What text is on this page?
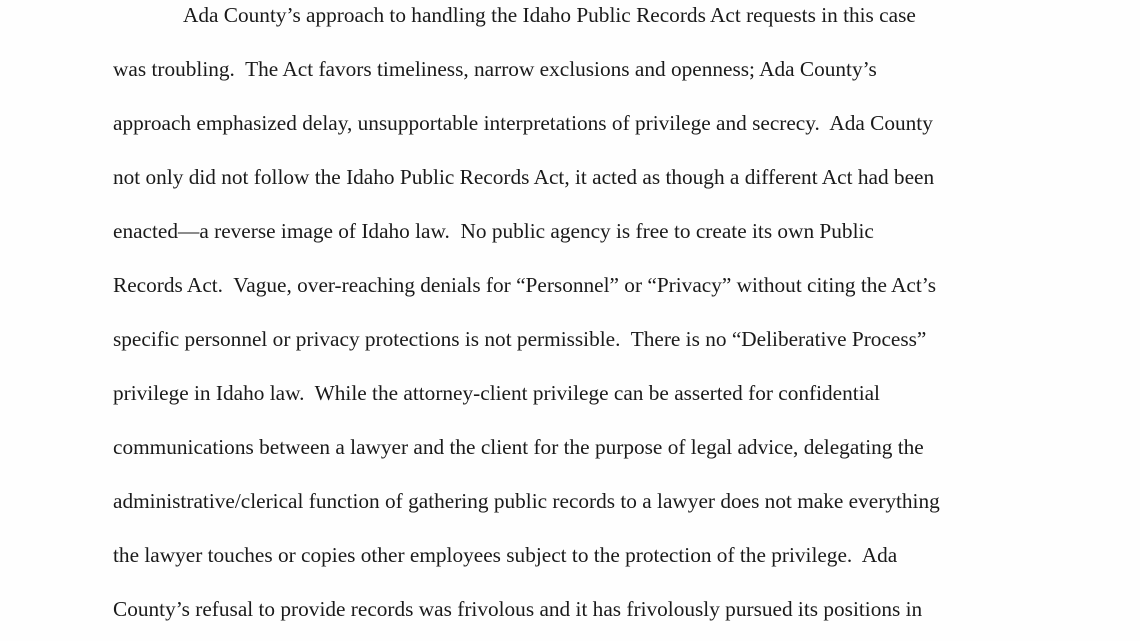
Ada County’s approach to handling the Idaho Public Records Act requests in this case
was troubling.  The Act favors timeliness, narrow exclusions and openness; Ada County’s
approach emphasized delay, unsupportable interpretations of privilege and secrecy.  Ada County
not only did not follow the Idaho Public Records Act, it acted as though a different Act had been
enacted—a reverse image of Idaho law.  No public agency is free to create its own Public
Records Act.  Vague, over-reaching denials for “Personnel” or “Privacy” without citing the Act’s
specific personnel or privacy protections is not permissible.  There is no “Deliberative Process”
privilege in Idaho law.  While the attorney-client privilege can be asserted for confidential
communications between a lawyer and the client for the purpose of legal advice, delegating the
administrative/clerical function of gathering public records to a lawyer does not make everything
the lawyer touches or copies other employees subject to the protection of the privilege.  Ada
County’s refusal to provide records was frivolous and it has frivolously pursued its positions in
